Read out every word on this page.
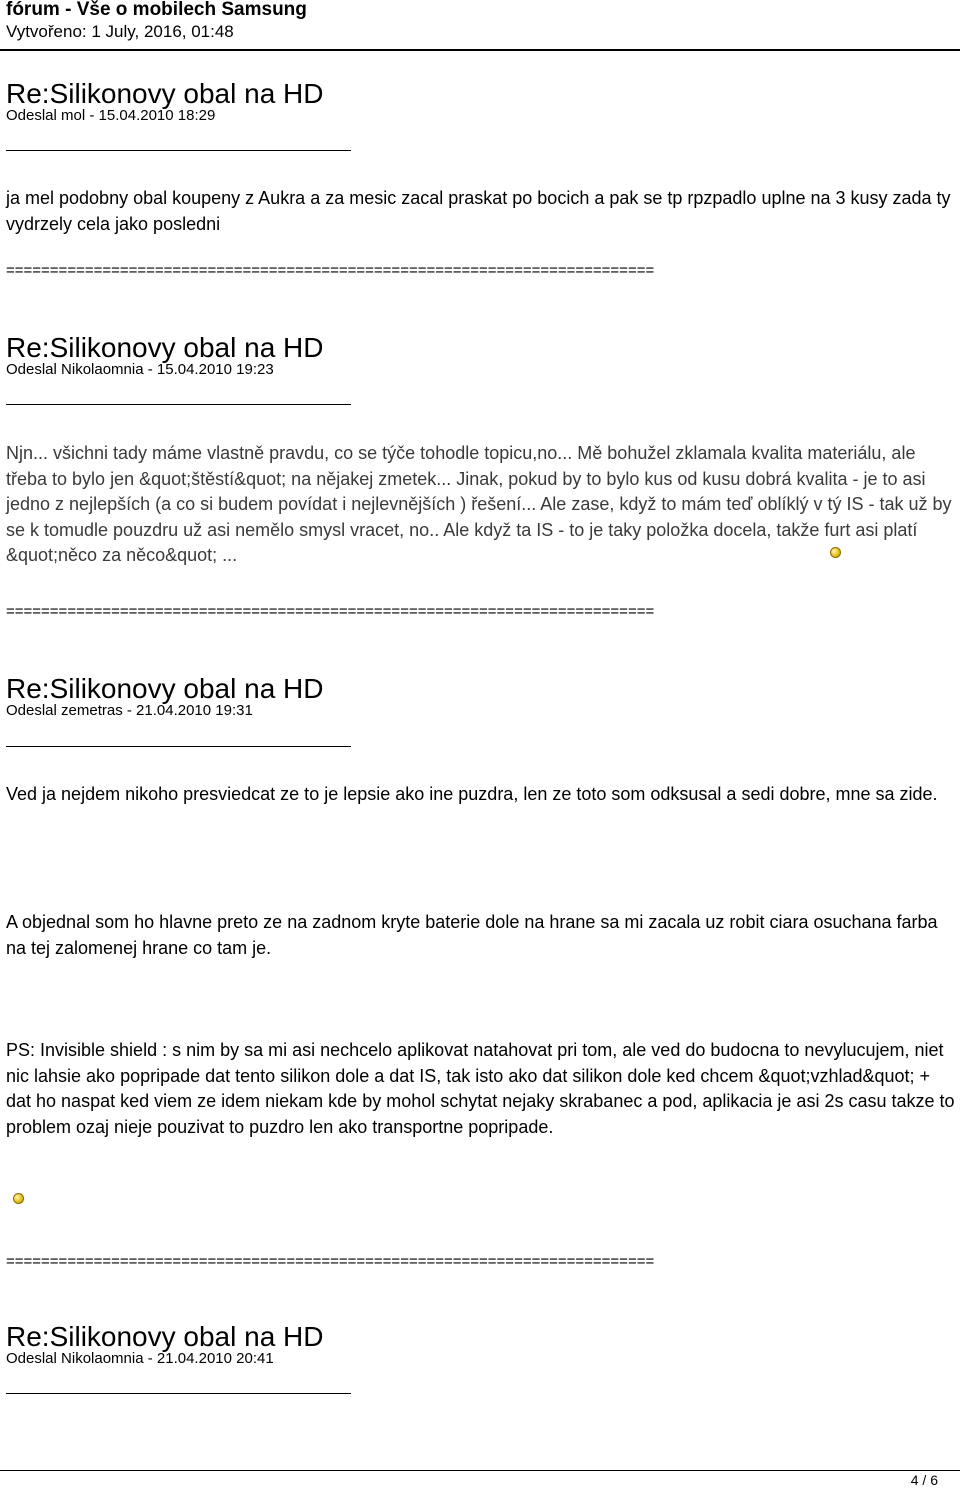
fórum - Vše o mobilech Samsung
Vytvořeno: 1 July, 2016, 01:48
Re:Silikonovy obal na HD
Odeslal mol - 15.04.2010 18:29
ja mel podobny obal koupeny z Aukra a za mesic zacal praskat po bocich a pak se tp rpzpadlo uplne na 3 kusy zada ty vydrzely cela jako posledni
==========================================================================
Re:Silikonovy obal na HD
Odeslal Nikolaomnia - 15.04.2010 19:23
Njn... všichni tady máme vlastně pravdu, co se týče tohodle topicu,no... Mě bohužel zklamala kvalita materiálu, ale třeba to bylo jen &quot;štěstí&quot; na nějakej zmetek... Jinak, pokud by to bylo kus od kusu dobrá kvalita - je to asi jedno z nejlepších (a co si budem povídat i nejlevnějších ) řešení... Ale zase, když to mám teď oblíklý v tý IS - tak už by se k tomudle pouzdru už asi nemělo smysl vracet, no.. Ale když ta IS - to je taky položka docela, takže furt asi platí &quot;něco za něco&quot; ...
==========================================================================
Re:Silikonovy obal na HD
Odeslal zemetras - 21.04.2010 19:31
Ved ja nejdem nikoho presviedcat ze to je lepsie ako ine puzdra, len ze toto som odksusal a sedi dobre, mne sa zide.
A objednal som ho hlavne preto ze na zadnom kryte baterie dole na hrane sa mi zacala uz robit ciara osuchana farba na tej zalomenej hrane co tam je.
PS: Invisible shield : s nim by sa mi asi nechcelo aplikovat natahovat pri tom, ale ved do budocna to nevylucujem, niet nic lahsie ako popripade dat tento silikon dole a dat IS, tak isto ako dat silikon dole ked chcem &quot;vzhlad&quot; + dat ho naspat ked viem ze idem niekam kde by mohol schytat nejaky skrabanec a pod, aplikacia je asi 2s casu takze to problem ozaj nieje pouzivat to puzdro len ako transportne popripade.
==========================================================================
Re:Silikonovy obal na HD
Odeslal Nikolaomnia - 21.04.2010 20:41
4 / 6
